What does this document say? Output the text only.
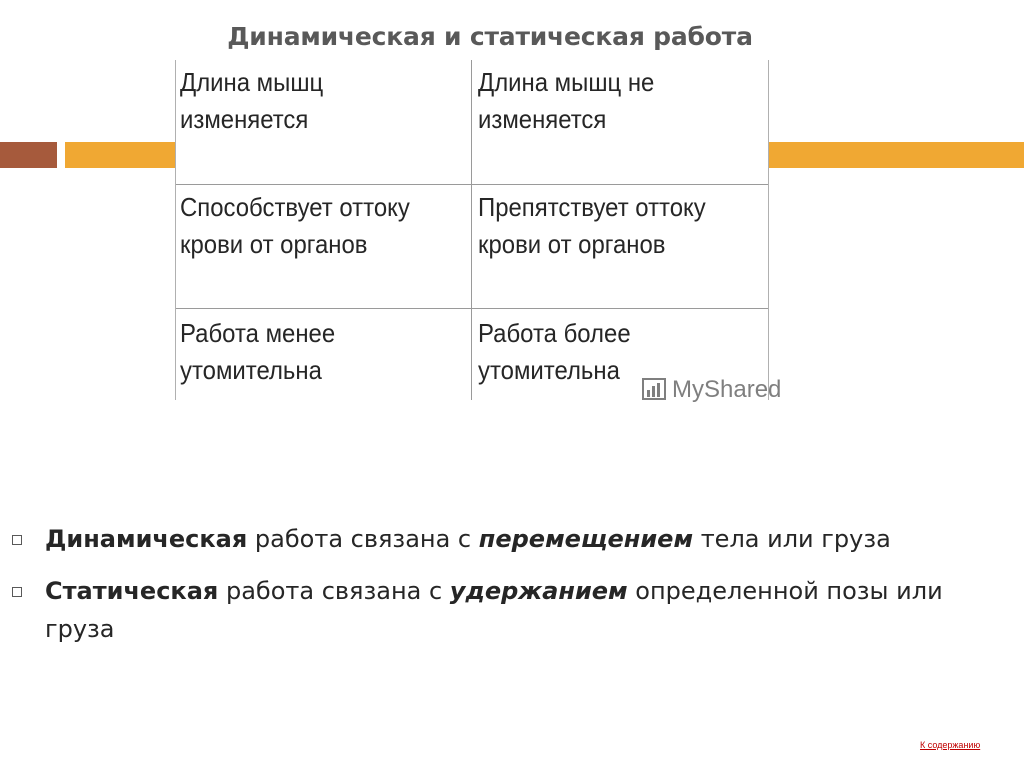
Динамическая и статическая работа
Длина мышц изменяется
Длина мышц не изменяется
Способствует оттоку крови от органов
Препятствует оттоку крови от органов
Работа менее утомительна
Работа более утомительна
MyShared
Динамическая работа связана с перемещением тела или груза
Статическая работа связана с удержанием определенной позы или груза
К содержанию
